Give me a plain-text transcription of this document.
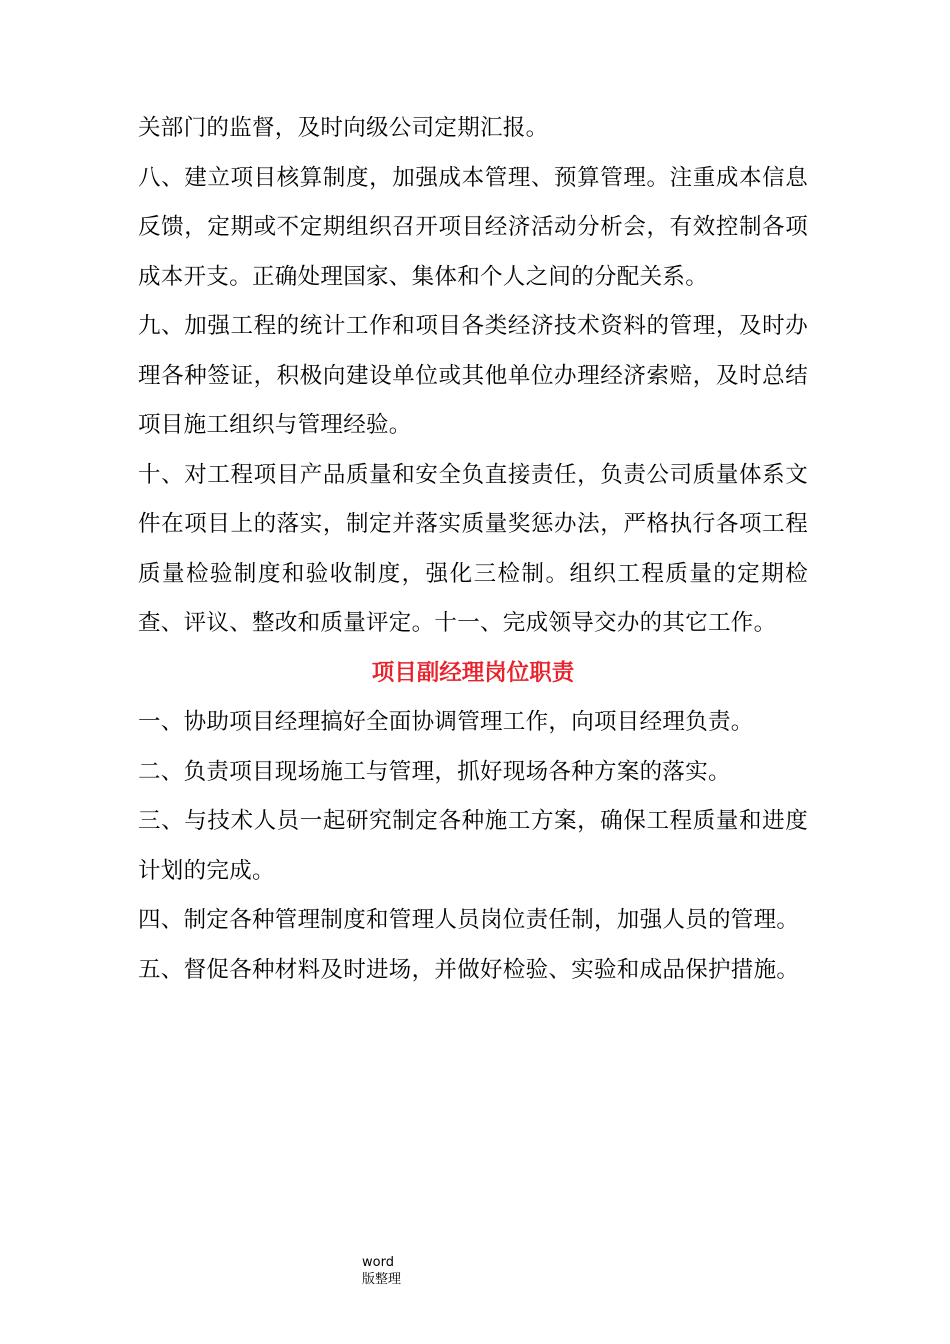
关部门的监督，及时向级公司定期汇报。

八、建立项目核算制度，加强成本管理、预算管理。注重成本信息反馈，定期或不定期组织召开项目经济活动分析会，有效控制各项成本开支。正确处理国家、集体和个人之间的分配关系。

九、加强工程的统计工作和项目各类经济技术资料的管理，及时办理各种签证，积极向建设单位或其他单位办理经济索赔，及时总结项目施工组织与管理经验。

十、对工程项目产品质量和安全负直接责任，负责公司质量体系文件在项目上的落实，制定并落实质量奖惩办法，严格执行各项工程质量检验制度和验收制度，强化三检制。组织工程质量的定期检查、评议、整改和质量评定。十一、完成领导交办的其它工作。

项目副经理岗位职责

一、协助项目经理搞好全面协调管理工作，向项目经理负责。

二、负责项目现场施工与管理，抓好现场各种方案的落实。

三、与技术人员一起研究制定各种施工方案，确保工程质量和进度计划的完成。

四、制定各种管理制度和管理人员岗位责任制，加强人员的管理。

五、督促各种材料及时进场，并做好检验、实验和成品保护措施。

word
版整理
